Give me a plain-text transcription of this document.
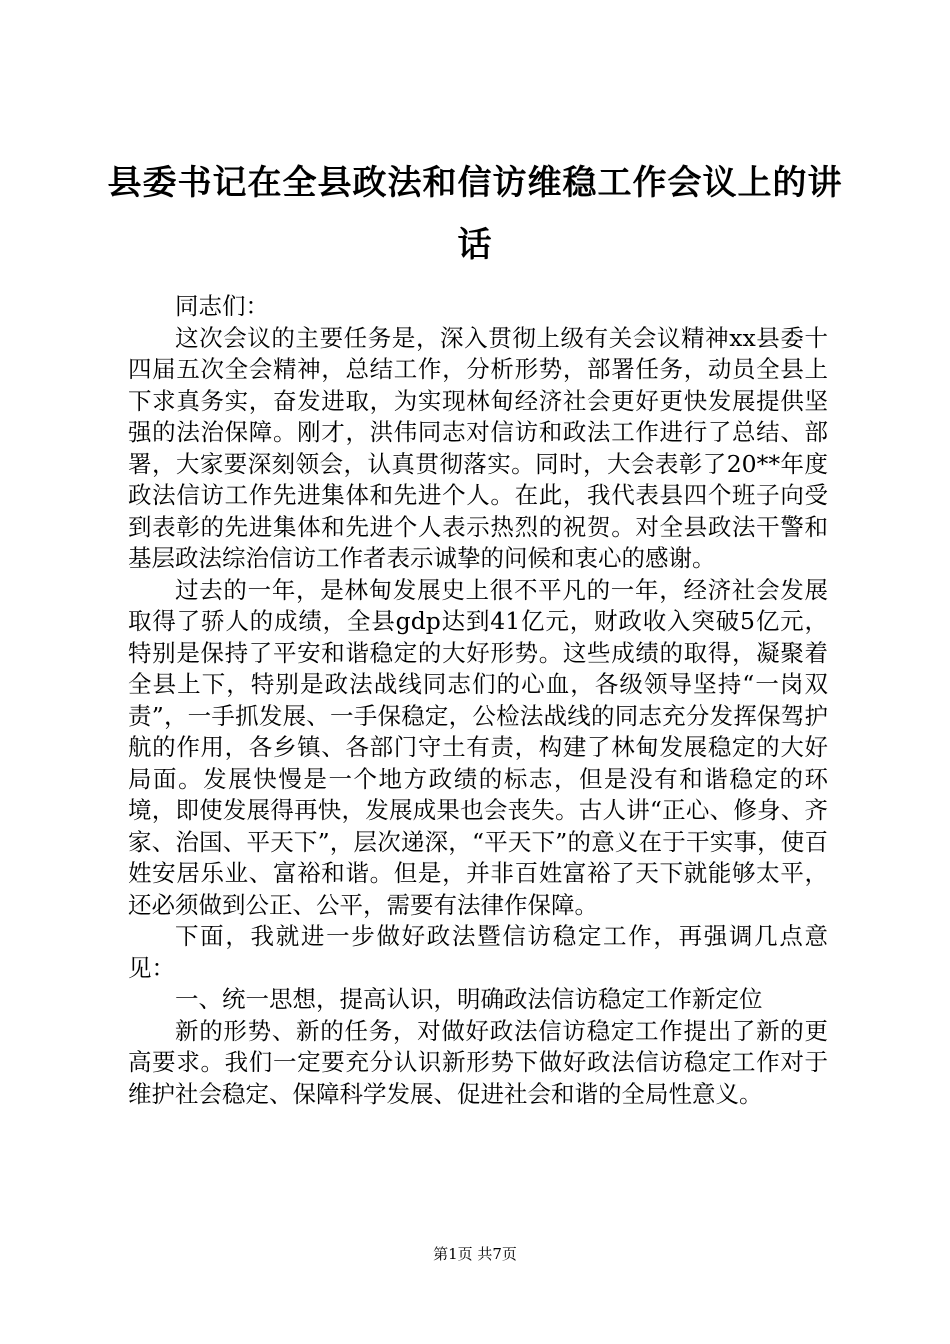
县委书记在全县政法和信访维稳工作会议上的讲话

同志们：

这次会议的主要任务是，深入贯彻上级有关会议精神xx县委十四届五次全会精神，总结工作，分析形势，部署任务，动员全县上下求真务实，奋发进取，为实现林甸经济社会更好更快发展提供坚强的法治保障。刚才，洪伟同志对信访和政法工作进行了总结、部署，大家要深刻领会，认真贯彻落实。同时，大会表彰了20**年度政法信访工作先进集体和先进个人。在此，我代表县四个班子向受到表彰的先进集体和先进个人表示热烈的祝贺。对全县政法干警和基层政法综治信访工作者表示诚挚的问候和衷心的感谢。

过去的一年，是林甸发展史上很不平凡的一年，经济社会发展取得了骄人的成绩，全县gdp达到41亿元，财政收入突破5亿元，特别是保持了平安和谐稳定的大好形势。这些成绩的取得，凝聚着全县上下，特别是政法战线同志们的心血，各级领导坚持“一岗双责”，一手抓发展、一手保稳定，公检法战线的同志充分发挥保驾护航的作用，各乡镇、各部门守土有责，构建了林甸发展稳定的大好局面。发展快慢是一个地方政绩的标志，但是没有和谐稳定的环境，即使发展得再快，发展成果也会丧失。古人讲“正心、修身、齐家、治国、平天下”，层次递深，“平天下”的意义在于干实事，使百姓安居乐业、富裕和谐。但是，并非百姓富裕了天下就能够太平，还必须做到公正、公平，需要有法律作保障。

下面，我就进一步做好政法暨信访稳定工作，再强调几点意见：

一、统一思想，提高认识，明确政法信访稳定工作新定位

新的形势、新的任务，对做好政法信访稳定工作提出了新的更高要求。我们一定要充分认识新形势下做好政法信访稳定工作对于维护社会稳定、保障科学发展、促进社会和谐的全局性意义。

第1页 共7页
